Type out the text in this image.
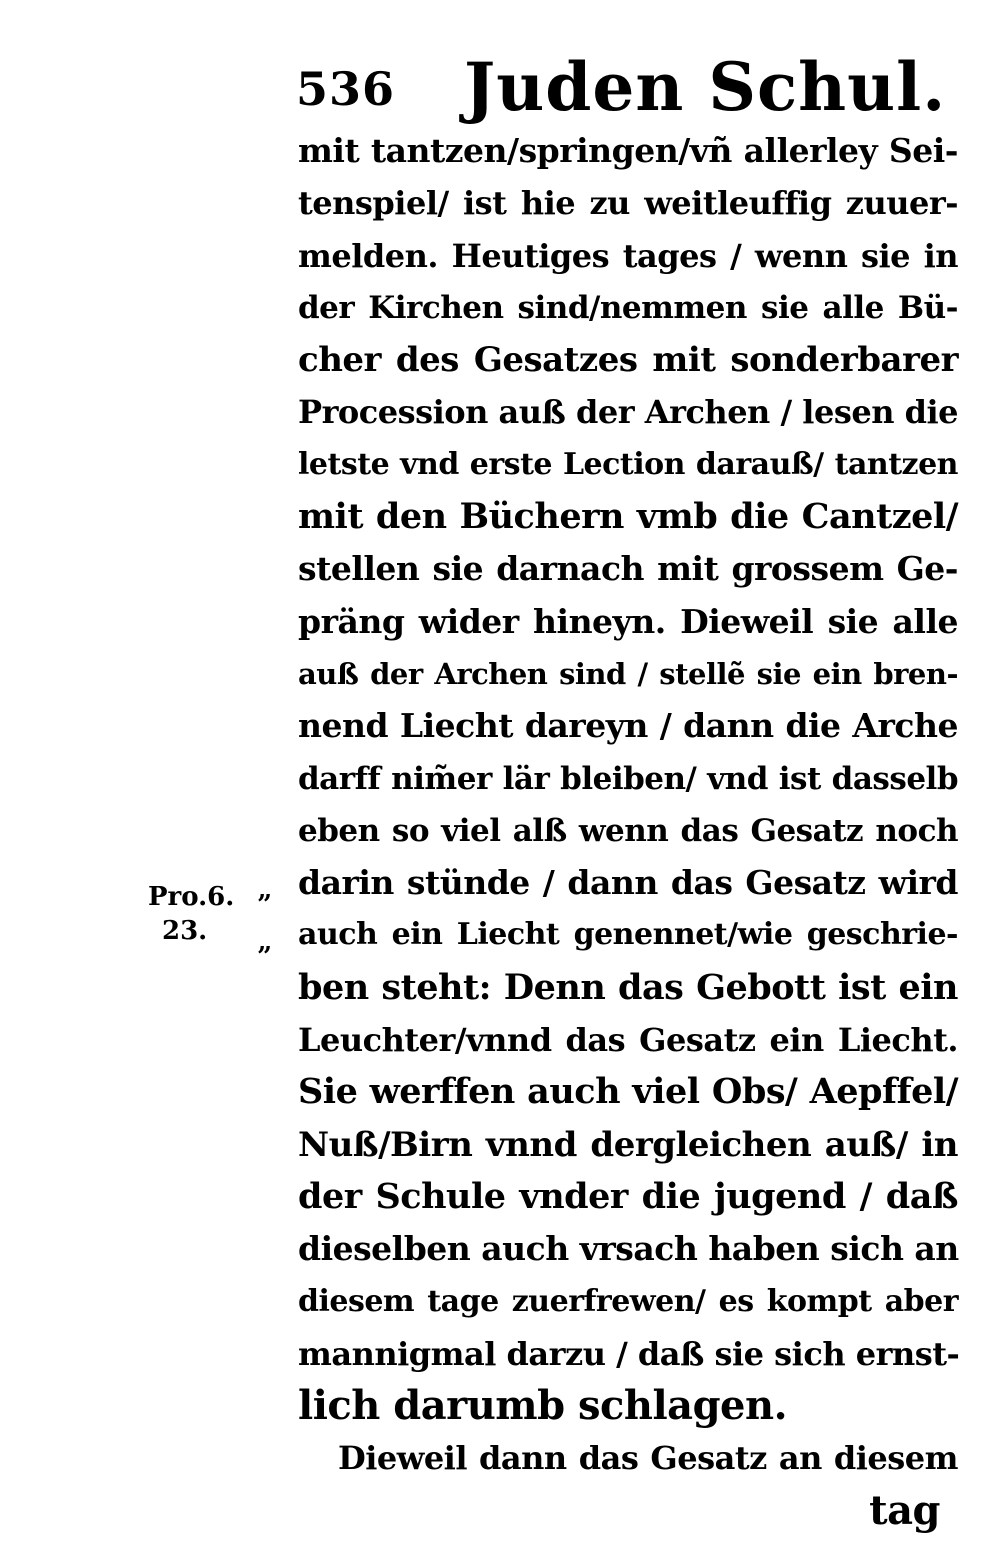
536 Juden Schul.
Pro.6.
23.
”
”
mit tantzen/springen/vñ allerley Sei-
tenspiel/ ist hie zu weitleuffig zuuer-
melden. Heutiges tages / wenn sie in
der Kirchen sind/nemmen sie alle Bü-
cher des Gesatzes mit sonderbarer
Procession auß der Archen / lesen die
letste vnd erste Lection darauß/ tantzen
mit den Büchern vmb die Cantzel/
stellen sie darnach mit grossem Ge-
präng wider hineyn. Dieweil sie alle
auß der Archen sind / stellẽ sie ein bren-
nend Liecht dareyn / dann die Arche
darff nim̃er lär bleiben/ vnd ist dasselb
eben so viel alß wenn das Gesatz noch
darin stünde / dann das Gesatz wird
auch ein Liecht genennet/wie geschrie-
ben steht: Denn das Gebott ist ein
Leuchter/vnnd das Gesatz ein Liecht.
Sie werffen auch viel Obs/ Aepffel/
Nuß/Birn vnnd dergleichen auß/ in
der Schule vnder die jugend / daß
dieselben auch vrsach haben sich an
diesem tage zuerfrewen/ es kompt aber
mannigmal darzu / daß sie sich ernst-
lich darumb schlagen.
Dieweil dann das Gesatz an diesem
tag
